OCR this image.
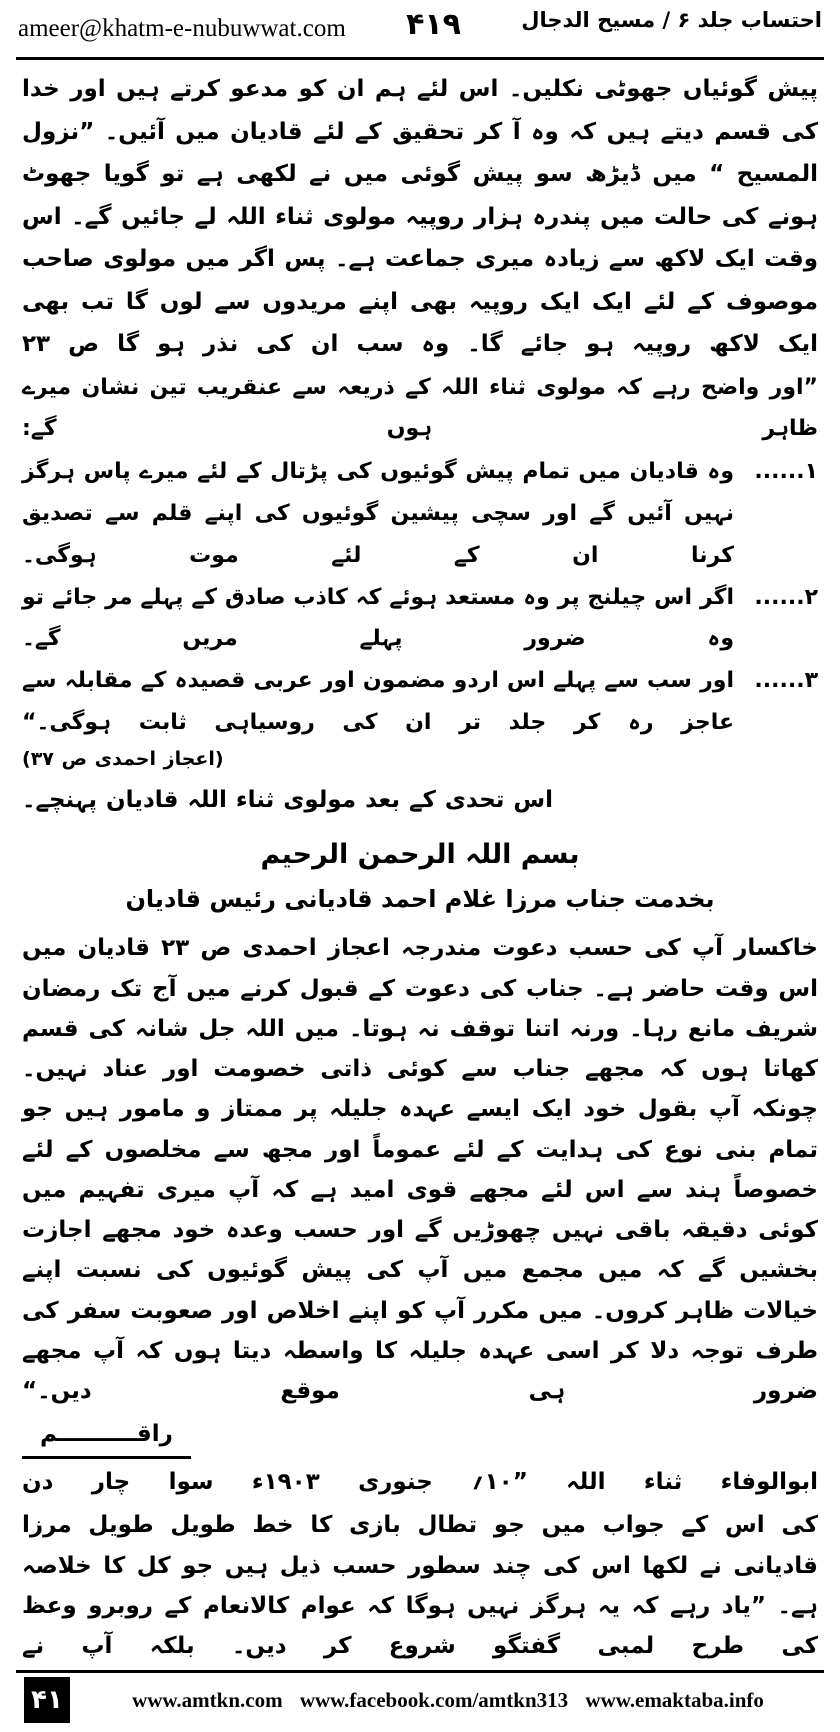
احتساب جلد ۶ / مسیح الدجال
۴۱۹
ameer@khatm-e-nubuwwat.com

پیش گوئیاں جھوٹی نکلیں۔ اس لئے ہم ان کو مدعو کرتے ہیں اور خدا کی قسم دیتے ہیں کہ وہ آ کر تحقیق کے لئے قادیان میں آئیں۔ ”نزول المسیح “ میں ڈیڑھ سو پیش گوئی میں نے لکھی ہے تو گویا جھوٹ ہونے کی حالت میں پندرہ ہزار روپیہ مولوی ثناء اللہ لے جائیں گے۔ اس وقت ایک لاکھ سے زیادہ میری جماعت ہے۔ پس اگر میں مولوی صاحب موصوف کے لئے ایک ایک روپیہ بھی اپنے مریدوں سے لوں گا تب بھی ایک لاکھ روپیہ ہو جائے گا۔ وہ سب ان کی نذر ہو گا ص ۲۳

”اور واضح رہے کہ مولوی ثناء اللہ کے ذریعہ سے عنقریب تین نشان میرے ظاہر ہوں گے:

۱......
وہ قادیان میں تمام پیش گوئیوں کی پڑتال کے لئے میرے پاس ہرگز نہیں آئیں گے اور سچی پیشین گوئیوں کی اپنے قلم سے تصدیق کرنا ان کے لئے موت ہوگی۔
۲......
اگر اس چیلنج پر وہ مستعد ہوئے کہ کاذب صادق کے پہلے مر جائے تو وہ ضرور پہلے مریں گے۔
۳......
اور سب سے پہلے اس اردو مضمون اور عربی قصیدہ کے مقابلہ سے عاجز رہ کر جلد تر ان کی روسیاہی ثابت ہوگی۔“

(اعجاز احمدی ص ۳۷)

اس تحدی کے بعد مولوی ثناء اللہ قادیان پہنچے۔

بسم اللہ الرحمن الرحیم

بخدمت جناب مرزا غلام احمد قادیانی رئیس قادیان

خاکسار آپ کی حسب دعوت مندرجہ اعجاز احمدی ص ۲۳ قادیان میں اس وقت حاضر ہے۔ جناب کی دعوت کے قبول کرنے میں آج تک رمضان شریف مانع رہا۔ ورنہ اتنا توقف نہ ہوتا۔ میں اللہ جل شانہ کی قسم کھاتا ہوں کہ مجھے جناب سے کوئی ذاتی خصومت اور عناد نہیں۔ چونکہ آپ بقول خود ایک ایسے عہدہ جلیلہ پر ممتاز و مامور ہیں جو تمام بنی نوع کی ہدایت کے لئے عموماً اور مجھ سے مخلصوں کے لئے خصوصاً ہند سے اس لئے مجھے قوی امید ہے کہ آپ میری تفہیم میں کوئی دقیقہ باقی نہیں چھوڑیں گے اور حسب وعدہ خود مجھے اجازت بخشیں گے کہ میں مجمع میں آپ کی پیش گوئیوں کی نسبت اپنے خیالات ظاہر کروں۔ میں مکرر آپ کو اپنے اخلاص اور صعوبت سفر کی طرف توجہ دلا کر اسی عہدہ جلیلہ کا واسطہ دیتا ہوں کہ آپ مجھے ضرور ہی موقع دیں۔“

راقــــــــــم

ابوالوفاء ثناء اللہ ”۱۰؍ جنوری ۱۹۰۳ء سوا چار دن

کی اس کے جواب میں جو تطال بازی کا خط طویل طویل مرزا قادیانی نے لکھا اس کی چند سطور حسب ذیل ہیں جو کل کا خلاصہ ہے۔ ”یاد رہے کہ یہ ہرگز نہیں ہوگا کہ عوام کالانعام کے روبرو وعظ کی طرح لمبی گفتگو شروع کر دیں۔ بلکہ آپ نے

۴۱	www.amtkn.com www.facebook.com/amtkn313 www.emaktaba.info
